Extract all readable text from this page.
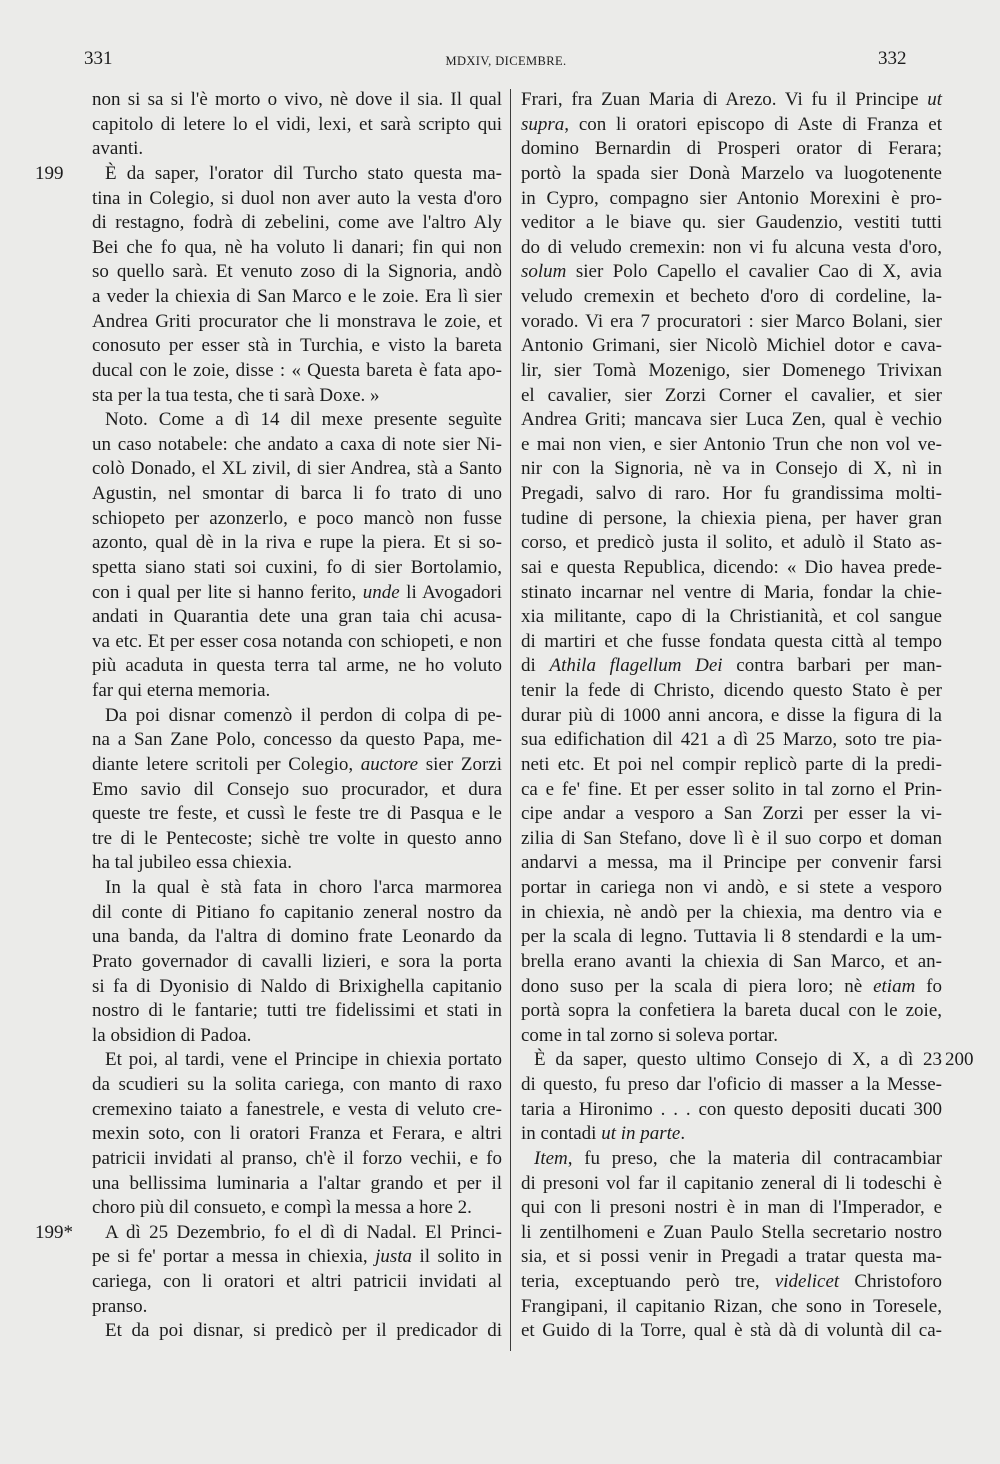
331	MDXIV, DICEMBRE.	332
non si sa si l'è morto o vivo, nè dove il sia. Il qual
capitolo di letere lo el vidi, lexi, et sarà scripto qui
avanti.
È da saper, l'orator dil Turcho stato questa ma-
199
tina in Colegio, si duol non aver auto la vesta d'oro
di restagno, fodrà di zebelini, come ave l'altro Aly
Bei che fo qua, nè ha voluto li danari; fin qui non
so quello sarà. Et venuto zoso di la Signoria, andò
a veder la chiexia di San Marco e le zoie. Era lì sier
Andrea Griti procurator che li monstrava le zoie, et
conosuto per esser stà in Turchia, e visto la bareta
ducal con le zoie, disse : « Questa bareta è fata apo-
sta per la tua testa, che ti sarà Doxe. »
Noto. Come a dì 14 dil mexe presente seguìte
un caso notabele: che andato a caxa di note sier Ni-
colò Donado, el XL zivil, di sier Andrea, stà a Santo
Agustin, nel smontar di barca li fo trato di uno
schiopeto per azonzerlo, e poco mancò non fusse
azonto, qual dè in la riva e rupe la piera. Et si so-
spetta siano stati soi cuxini, fo di sier Bortolamio,
con i qual per lite si hanno ferito, unde li Avogadori
andati in Quarantia dete una gran taia chi acusa-
va etc. Et per esser cosa notanda con schiopeti, e non
più acaduta in questa terra tal arme, ne ho voluto
far qui eterna memoria.
Da poi disnar comenzò il perdon di colpa di pe-
na a San Zane Polo, concesso da questo Papa, me-
diante letere scritoli per Colegio, auctore sier Zorzi
Emo savio dil Consejo suo procurador, et dura
queste tre feste, et cussì le feste tre di Pasqua e le
tre di le Pentecoste; sichè tre volte in questo anno
ha tal jubileo essa chiexia.
In la qual è stà fata in choro l'arca marmorea
dil conte di Pitiano fo capitanio zeneral nostro da
una banda, da l'altra di domino frate Leonardo da
Prato governador di cavalli lizieri, e sora la porta
si fa di Dyonisio di Naldo di Brixighella capitanio
nostro di le fantarie; tutti tre fidelissimi et stati in
la obsidion di Padoa.
Et poi, al tardi, vene el Principe in chiexia portato
da scudieri su la solita cariega, con manto di raxo
cremexino taiato a fanestrele, e vesta di veluto cre-
mexin soto, con li oratori Franza et Ferara, e altri
patricii invidati al pranso, ch'è il forzo vechii, e fo
una bellissima luminaria a l'altar grando et per il
choro più dil consueto, e compì la messa a hore 2.
A dì 25 Dezembrio, fo el dì di Nadal. El Princi-
199*
pe si fe' portar a messa in chiexia, justa il solito in
cariega, con li oratori et altri patricii invidati al
pranso.
Et da poi disnar, si predicò per il predicador di
Frari, fra Zuan Maria di Arezo. Vi fu il Principe ut
supra, con li oratori episcopo di Aste di Franza et
domino Bernardin di Prosperi orator di Ferara;
portò la spada sier Donà Marzelo va luogotenente
in Cypro, compagno sier Antonio Morexini è pro-
veditor a le biave qu. sier Gaudenzio, vestiti tutti
do di veludo cremexin: non vi fu alcuna vesta d'oro,
solum sier Polo Capello el cavalier Cao di X, avia
veludo cremexin et becheto d'oro di cordeline, la-
vorado. Vi era 7 procuratori : sier Marco Bolani, sier
Antonio Grimani, sier Nicolò Michiel dotor e cava-
lir, sier Tomà Mozenigo, sier Domenego Trivixan
el cavalier, sier Zorzi Corner el cavalier, et sier
Andrea Griti; mancava sier Luca Zen, qual è vechio
e mai non vien, e sier Antonio Trun che non vol ve-
nir con la Signoria, nè va in Consejo di X, nì in
Pregadi, salvo di raro. Hor fu grandissima molti-
tudine di persone, la chiexia piena, per haver gran
corso, et predicò justa il solito, et adulò il Stato as-
sai e questa Republica, dicendo: « Dio havea prede-
stinato incarnar nel ventre di Maria, fondar la chie-
xia militante, capo di la Christianità, et col sangue
di martiri et che fusse fondata questa città al tempo
di Athila flagellum Dei contra barbari per man-
tenir la fede di Christo, dicendo questo Stato è per
durar più di 1000 anni ancora, e disse la figura di la
sua edifichation dil 421 a dì 25 Marzo, soto tre pia-
neti etc. Et poi nel compir replicò parte di la predi-
ca e fe' fine. Et per esser solito in tal zorno el Prin-
cipe andar a vesporo a San Zorzi per esser la vi-
zilia di San Stefano, dove lì è il suo corpo et doman
andarvi a messa, ma il Principe per convenir farsi
portar in cariega non vi andò, e si stete a vesporo
in chiexia, nè andò per la chiexia, ma dentro via e
per la scala di legno. Tuttavia li 8 stendardi e la um-
brella erano avanti la chiexia di San Marco, et an-
dono suso per la scala di piera loro; nè etiam fo
portà sopra la confetiera la bareta ducal con le zoie,
come in tal zorno si soleva portar.
È da saper, questo ultimo Consejo di X, a dì 23 200
di questo, fu preso dar l'oficio di masser a la Messe-
taria a Hironimo . . . con questo depositi ducati 300
in contadi ut in parte.
Item, fu preso, che la materia dil contracambiar
di presoni vol far il capitanio zeneral di li todeschi è
qui con li presoni nostri è in man di l'Imperador, e
li zentilhomeni e Zuan Paulo Stella secretario nostro
sia, et si possi venir in Pregadi a tratar questa ma-
teria, exceptuando però tre, videlicet Christoforo
Frangipani, il capitanio Rizan, che sono in Toresele,
et Guido di la Torre, qual è stà dà di voluntà dil ca-
